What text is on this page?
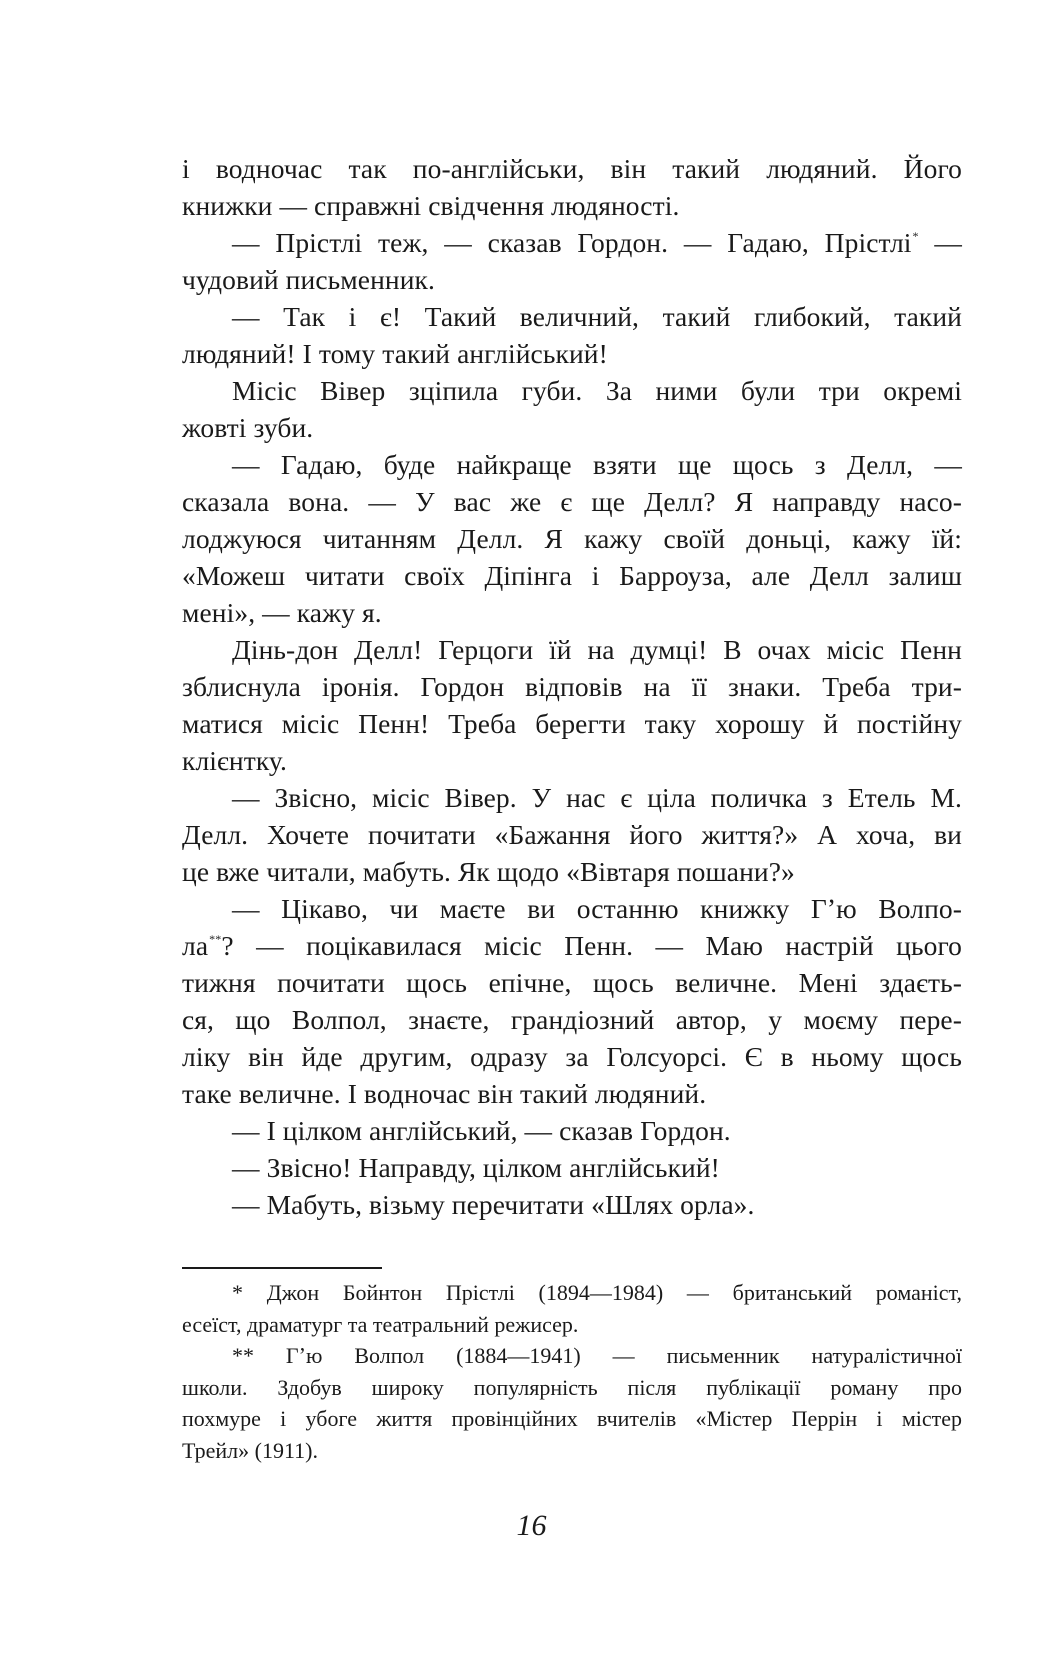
і водночас так по-англійськи, він такий людяний. Його
книжки — справжні свідчення людяності.
— Прістлі теж, — сказав Гордон. — Гадаю, Прістлі* —
чудовий письменник.
— Так і є! Такий величний, такий глибокий, такий
людяний! І тому такий англійський!
Місіс Вівер зціпила губи. За ними були три окремі
жовті зуби.
— Гадаю, буде найкраще взяти ще щось з Делл, —
сказала вона. — У вас же є ще Делл? Я направду насо-
лоджуюся читанням Делл. Я кажу своїй доньці, кажу їй:
«Можеш читати своїх Діпінга і Барроуза, але Делл залиш
мені», — кажу я.
Дінь-дон Делл! Герцоги їй на думці! В очах місіс Пенн
зблиснула іронія. Гордон відповів на її знаки. Треба три-
матися місіс Пенн! Треба берегти таку хорошу й постійну
клієнтку.
— Звісно, місіс Вівер. У нас є ціла поличка з Етель М.
Делл. Хочете почитати «Бажання його життя?» А хоча, ви
це вже читали, мабуть. Як щодо «Вівтаря пошани?»
— Цікаво, чи маєте ви останню книжку Гʼю Волпо-
ла**? — поцікавилася місіс Пенн. — Маю настрій цього
тижня почитати щось епічне, щось величне. Мені здаєть-
ся, що Волпол, знаєте, грандіозний автор, у моєму пере-
ліку він йде другим, одразу за Голсуорсі. Є в ньому щось
таке величне. І водночас він такий людяний.
— І цілком англійський, — сказав Гордон.
— Звісно! Направду, цілком англійський!
— Мабуть, візьму перечитати «Шлях орла».
* Джон Бойнтон Прістлі (1894—1984) — британський романіст,
есеїст, драматург та театральний режисер.
** Гʼю Волпол (1884—1941) — письменник натуралістичної
школи. Здобув широку популярність після публікації роману про
похмуре і убоге життя провінційних вчителів «Містер Перрін і містер
Трейл» (1911).
16
